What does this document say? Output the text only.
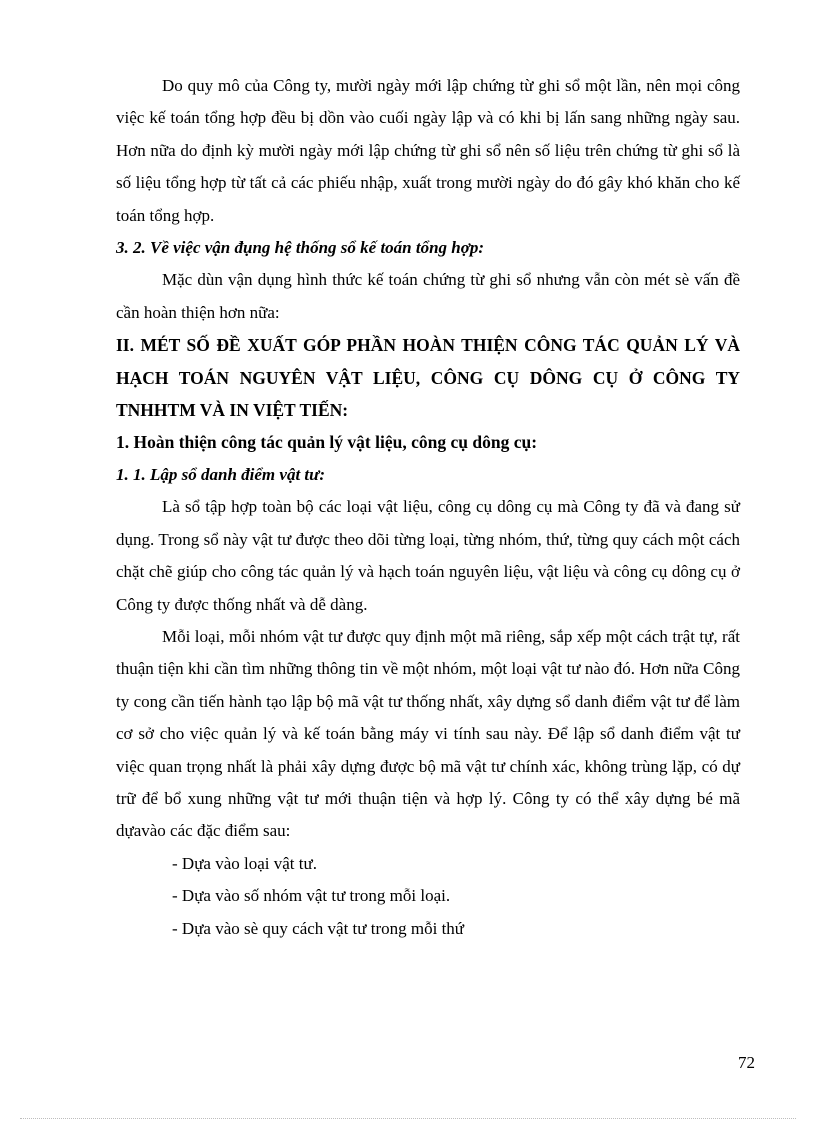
Do quy mô của Công ty, mười ngày mới lập chứng từ ghi sổ một lần, nên mọi công việc kế toán tổng hợp đều bị dồn vào cuối ngày lập và có khi bị lấn sang những ngày sau. Hơn nữa do định kỳ mười ngày mới lập chứng từ ghi sổ nên số liệu trên chứng từ ghi sổ là số liệu tổng hợp từ tất cả các phiếu nhập, xuất trong mười ngày do đó gây khó khăn cho kế toán tổng hợp.

3. 2. Về việc vận đụng hệ thống sổ kế toán tổng hợp:

Mặc dùn vận dụng hình thức kế toán chứng từ ghi sổ nhưng vẫn còn mét sè vấn đề cần hoàn thiện hơn nữa:

II. MÉT SỐ ĐỀ XUẤT GÓP PHẦN HOÀN THIỆN CÔNG TÁC QUẢN LÝ VÀ HẠCH TOÁN NGUYÊN VẬT LIỆU, CÔNG CỤ DÔNG CỤ Ở CÔNG TY TNHHTM VÀ IN VIỆT TIẾN:

1. Hoàn thiện công tác quản lý vật liệu, công cụ dông cụ:

1. 1. Lập sổ danh điểm vật tư:

Là sổ tập hợp toàn bộ các loại vật liệu, công cụ dông cụ mà Công ty đã và đang sử dụng. Trong sổ này vật tư được theo dõi từng loại, từng nhóm, thứ, từng quy cách một cách chặt chẽ giúp cho công tác quản lý và hạch toán nguyên liệu, vật liệu và công cụ dông cụ ở Công ty được thống nhất và dễ dàng.

Mỗi loại, mỗi nhóm vật tư được quy định một mã riêng, sắp xếp một cách trật tự, rất thuận tiện khi cần tìm những thông tin về một nhóm, một loại vật tư nào đó. Hơn nữa Công ty cong cần tiến hành tạo lập bộ mã vật tư thống nhất, xây dựng sổ danh điểm vật tư để làm cơ sở cho việc quản lý và kế toán bằng máy vi tính sau này. Để lập sổ danh điểm vật tư việc quan trọng nhất là phải xây dựng được bộ mã vật tư chính xác, không trùng lặp, có dự trữ để bổ xung những vật tư mới thuận tiện và hợp lý. Công ty có thể xây dựng bé mã dựavào các đặc điểm sau:

- Dựa vào loại vật tư.

- Dựa vào số nhóm vật tư trong mỗi loại.

- Dựa vào sè quy cách vật tư trong mỗi thứ

72
